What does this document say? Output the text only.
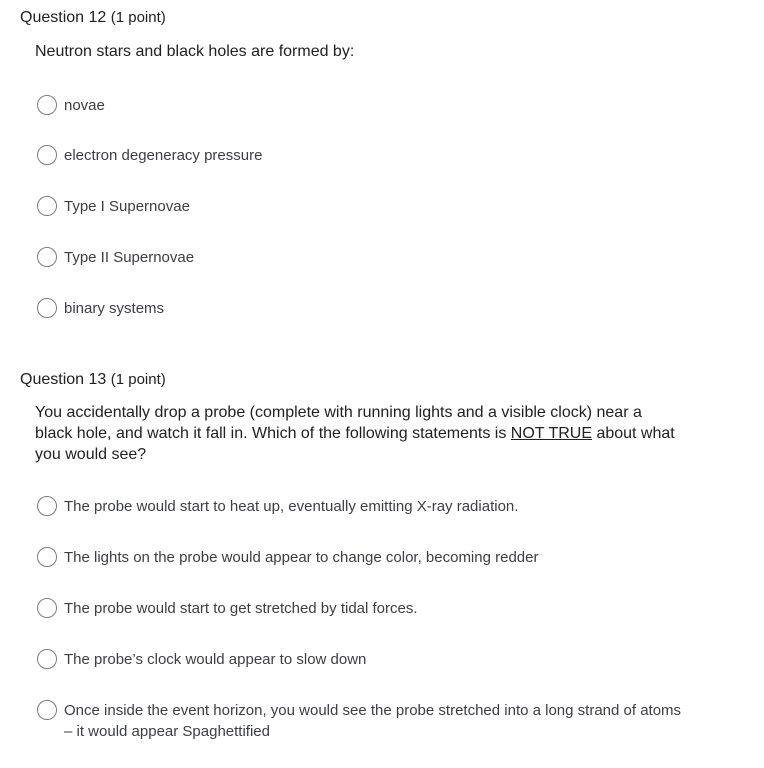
Question 12 (1 point)
Neutron stars and black holes are formed by:
novae
electron degeneracy pressure
Type I Supernovae
Type II Supernovae
binary systems
Question 13 (1 point)
You accidentally drop a probe (complete with running lights and a visible clock) near a black hole, and watch it fall in. Which of the following statements is NOT TRUE about what you would see?
The probe would start to heat up, eventually emitting X-ray radiation.
The lights on the probe would appear to change color, becoming redder
The probe would start to get stretched by tidal forces.
The probe’s clock would appear to slow down
Once inside the event horizon, you would see the probe stretched into a long strand of atoms – it would appear Spaghettified
